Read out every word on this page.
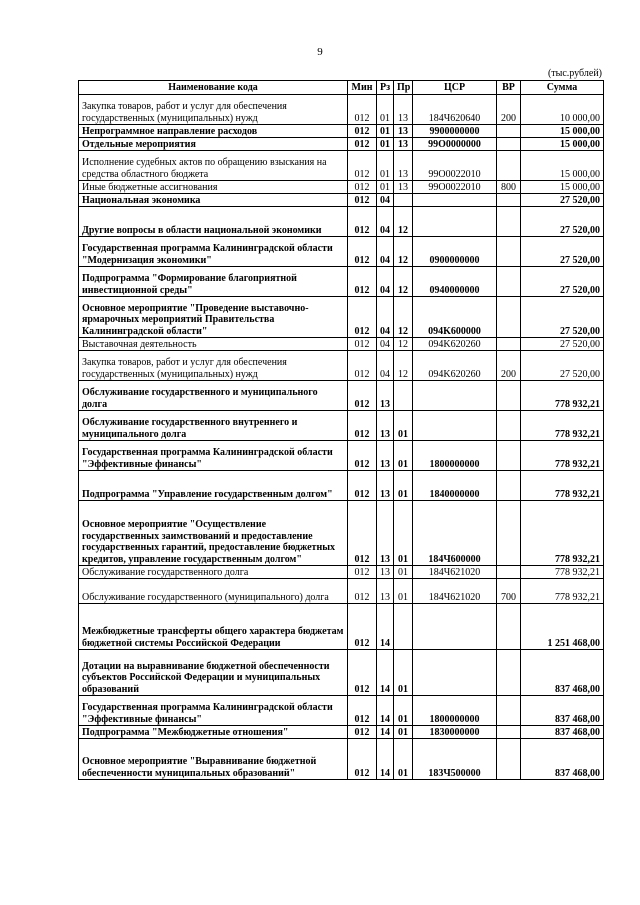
9
(тыс.рублей)
Наименование кода	Мин	Рз	Пр	ЦСР	ВР	Сумма
Закупка товаров, работ и услуг для обеспечения государственных (муниципальных) нужд	012	01	13	184Ч620640	200	10 000,00
Непрограммное направление расходов	012	01	13	9900000000		15 000,00
Отдельные мероприятия	012	01	13	99О0000000		15 000,00
Исполнение судебных актов по обращению взыскания на средства областного бюджета	012	01	13	99О0022010		15 000,00
Иные бюджетные ассигнования	012	01	13	99О0022010	800	15 000,00
Национальная экономика	012	04				27 520,00
Другие вопросы в области национальной экономики	012	04	12			27 520,00
Государственная программа Калининградской области "Модернизация экономики"	012	04	12	0900000000		27 520,00
Подпрограмма "Формирование благоприятной инвестиционной среды"	012	04	12	0940000000		27 520,00
Основное мероприятие "Проведение выставочно-ярмарочных мероприятий Правительства Калининградской области"	012	04	12	094K600000		27 520,00
Выставочная деятельность	012	04	12	094K620260		27 520,00
Закупка товаров, работ и услуг для обеспечения государственных (муниципальных) нужд	012	04	12	094K620260	200	27 520,00
Обслуживание государственного и муниципального долга	012	13				778 932,21
Обслуживание государственного внутреннего и муниципального долга	012	13	01			778 932,21
Государственная программа Калининградской области "Эффективные финансы"	012	13	01	1800000000		778 932,21
Подпрограмма "Управление государственным долгом"	012	13	01	1840000000		778 932,21
Основное мероприятие "Осуществление государственных заимствований и предоставление государственных гарантий, предоставление бюджетных кредитов, управление государственным долгом"	012	13	01	184Ч600000		778 932,21
Обслуживание государственного долга	012	13	01	184Ч621020		778 932,21
Обслуживание государственного (муниципального) долга	012	13	01	184Ч621020	700	778 932,21
Межбюджетные трансферты общего характера бюджетам бюджетной системы Российской Федерации	012	14				1 251 468,00
Дотации на выравнивание бюджетной обеспеченности субъектов Российской Федерации и муниципальных образований	012	14	01			837 468,00
Государственная программа Калининградской области "Эффективные финансы"	012	14	01	1800000000		837 468,00
Подпрограмма "Межбюджетные отношения"	012	14	01	1830000000		837 468,00
Основное мероприятие "Выравнивание бюджетной обеспеченности муниципальных образований"	012	14	01	183Ч500000		837 468,00
